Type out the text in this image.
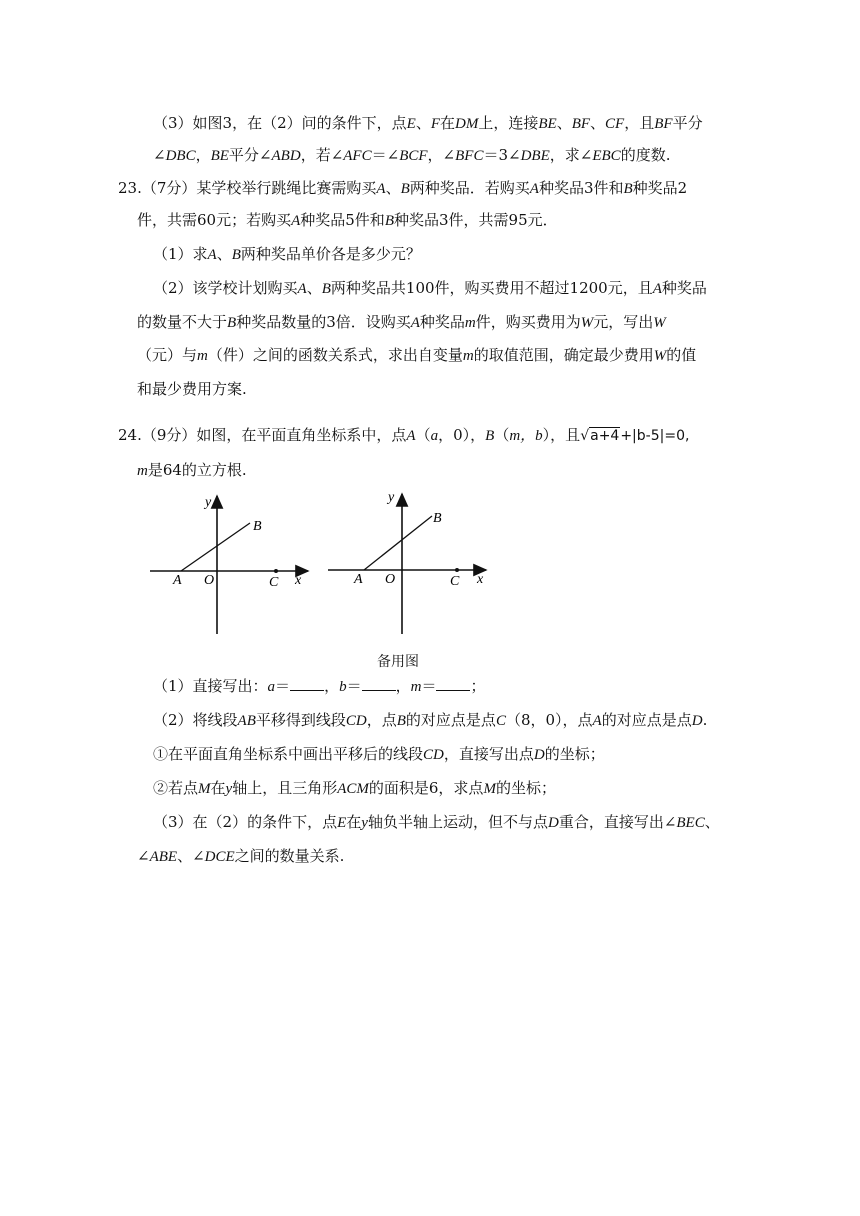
（3）如图3，在（2）问的条件下，点E、F在DM上，连接BE、BF、CF，且BF平分
∠DBC，BE平分∠ABD，若∠AFC＝∠BCF，∠BFC＝3∠DBE，求∠EBC的度数.
23.（7分）某学校举行跳绳比赛需购买A、B两种奖品．若购买A种奖品3件和B种奖品2
件，共需60元；若购买A种奖品5件和B种奖品3件，共需95元．
（1）求A、B两种奖品单价各是多少元？
（2）该学校计划购买A、B两种奖品共100件，购买费用不超过1200元，且A种奖品
的数量不大于B种奖品数量的3倍．设购买A种奖品m件，购买费用为W元，写出W
（元）与m（件）之间的函数关系式，求出自变量m的取值范围，确定最少费用W的值
和最少费用方案.
24.（9分）如图，在平面直角坐标系中，点A（a，0），B（m，b），且√a+4+|b-5|=0,
m是64的立方根.
y
B
A O	C x
y
B
A O	C x
备用图
（1）直接写出：a＝ ，b＝ ，m＝ ；
（2）将线段AB平移得到线段CD，点B的对应点是点C（8，0），点A的对应点是点D.
①在平面直角坐标系中画出平移后的线段CD，直接写出点D的坐标；
②若点M在y轴上，且三角形ACM的面积是6，求点M的坐标；
（3）在（2）的条件下，点E在y轴负半轴上运动，但不与点D重合，直接写出∠BEC、
∠ABE、∠DCE之间的数量关系.
